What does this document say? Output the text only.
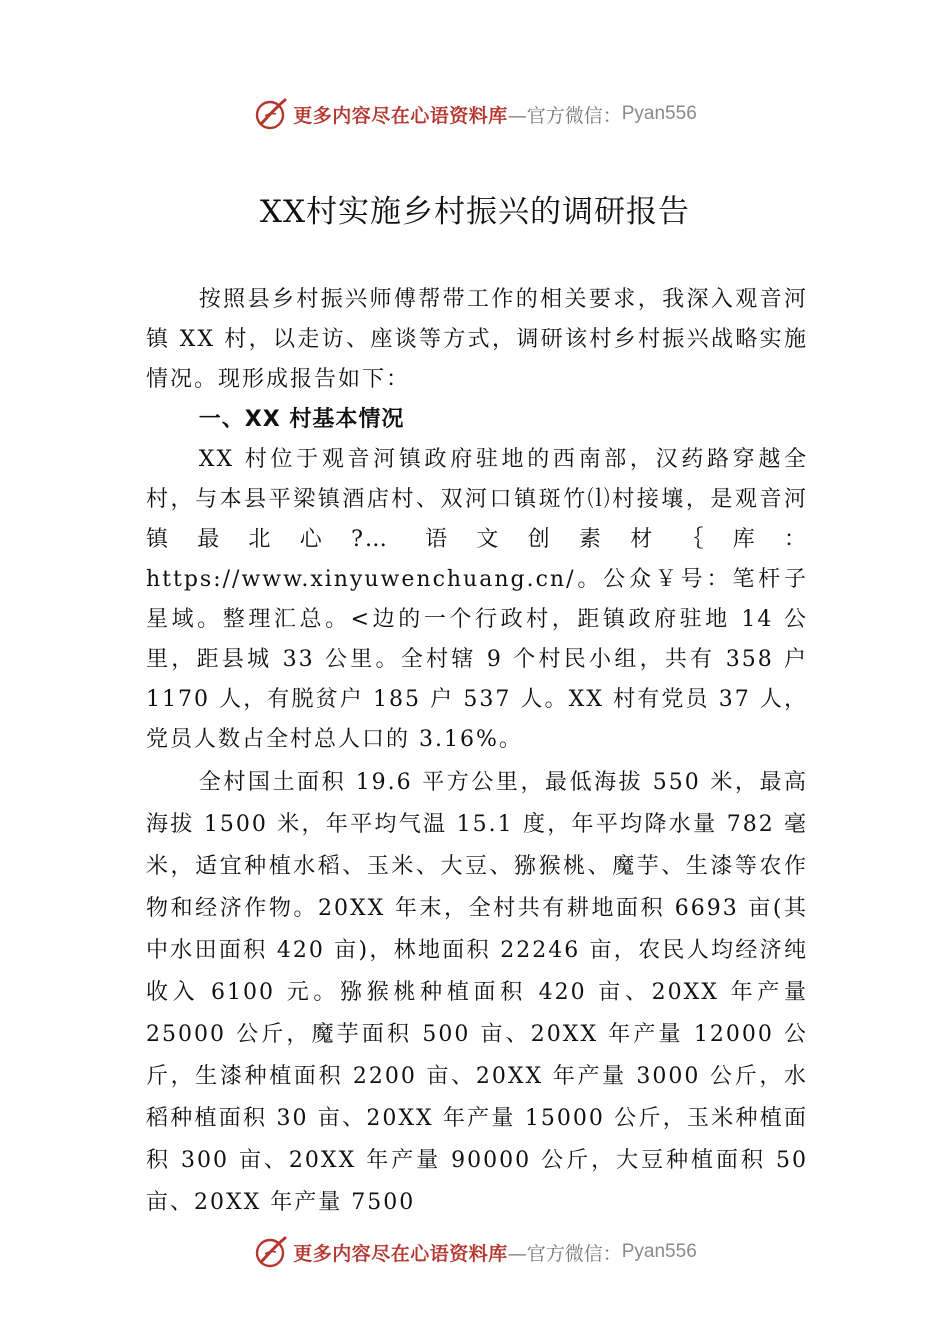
更多内容尽在心语资料库 —官方微信： Pyan556
XX村实施乡村振兴的调研报告

按照县乡村振兴师傅帮带工作的相关要求，我深入观音河镇 XX 村，以走访、座谈等方式，调研该村乡村振兴战略实施情况。现形成报告如下：

一、XX 村基本情况

XX 村位于观音河镇政府驻地的西南部，汉药路穿越全村，与本县平梁镇酒店村、双河口镇斑竹⒧村接壤，是观音河镇最北心?… 语文创素材｛库：https://www.xinyuwenchuang.cn/。公众￥号：笔杆子星域。整理汇总。<边的一个行政村，距镇政府驻地 14 公里，距县城 33 公里。全村辖 9 个村民小组，共有 358 户 1170 人，有脱贫户 185 户 537 人。XX 村有党员 37 人，党员人数占全村总人口的 3.16%。

全村国土面积 19.6 平方公里，最低海拔 550 米，最高海拔 1500 米，年平均气温 15.1 度，年平均降水量 782 毫米，适宜种植水稻、玉米、大豆、猕猴桃、魔芋、生漆等农作物和经济作物。20XX 年末，全村共有耕地面积 6693 亩(其中水田面积 420 亩)，林地面积 22246 亩，农民人均经济纯收入 6100 元。猕猴桃种植面积 420 亩、20XX 年产量 25000 公斤，魔芋面积 500 亩、20XX 年产量 12000 公斤，生漆种植面积 2200 亩、20XX 年产量 3000 公斤，水稻种植面积 30 亩、20XX 年产量 15000 公斤，玉米种植面积 300 亩、20XX 年产量 90000 公斤，大豆种植面积 50 亩、20XX 年产量 7500

更多内容尽在心语资料库 —官方微信： Pyan556
